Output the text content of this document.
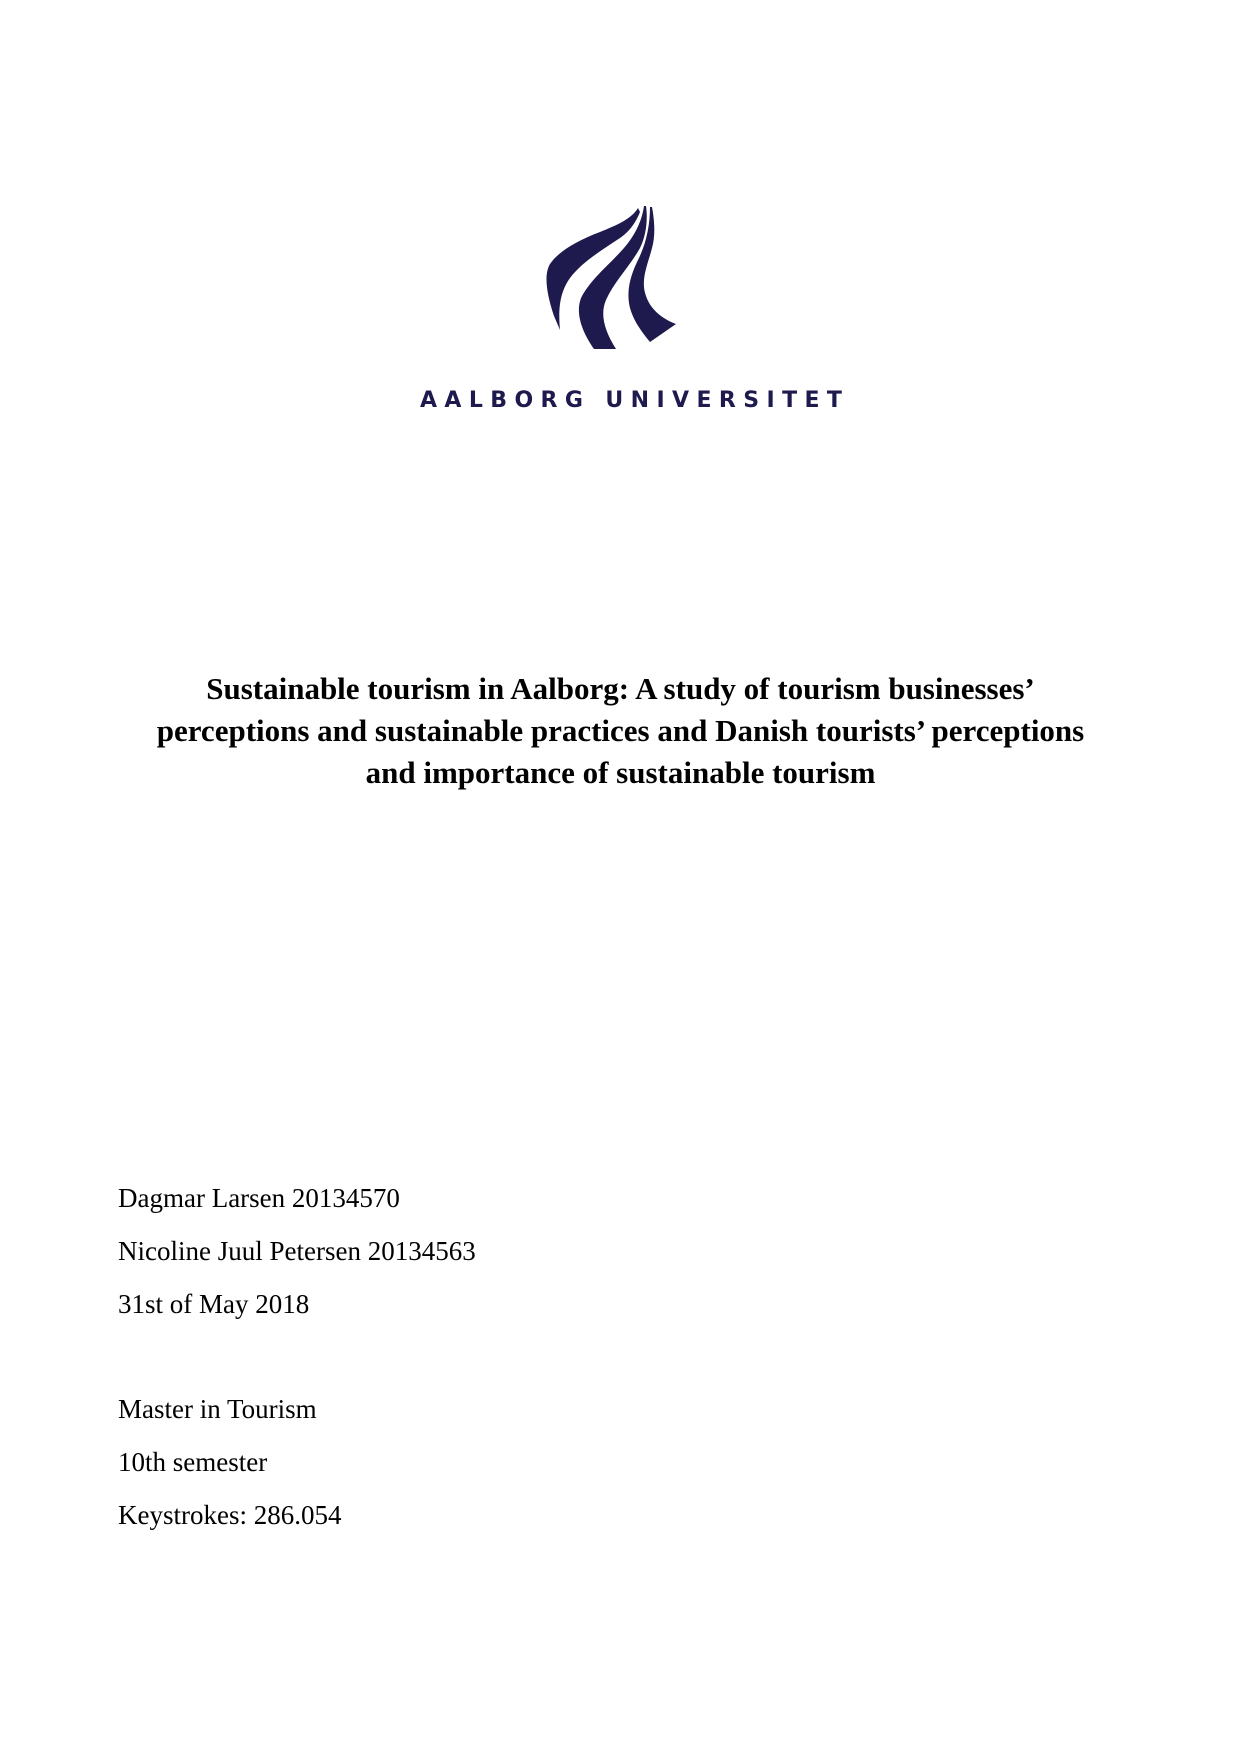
AALBORG UNIVERSITET
Sustainable tourism in Aalborg: A study of tourism businesses’
perceptions and sustainable practices and Danish tourists’ perceptions
and importance of sustainable tourism
Dagmar Larsen 20134570
Nicoline Juul Petersen 20134563
31st of May 2018
Master in Tourism
10th semester
Keystrokes: 286.054
